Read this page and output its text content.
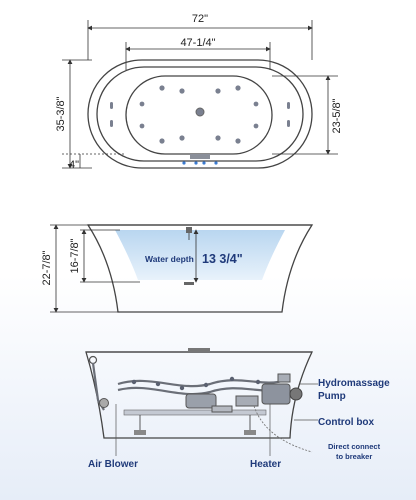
72"
47-1/4"
35-3/8"
4"
23-5/8"
Water depth 13 3/4"
22-7/8" 16-7/8"
Hydromassage
Pump
Control box
Direct connect
to breaker
Air Blower	Heater
